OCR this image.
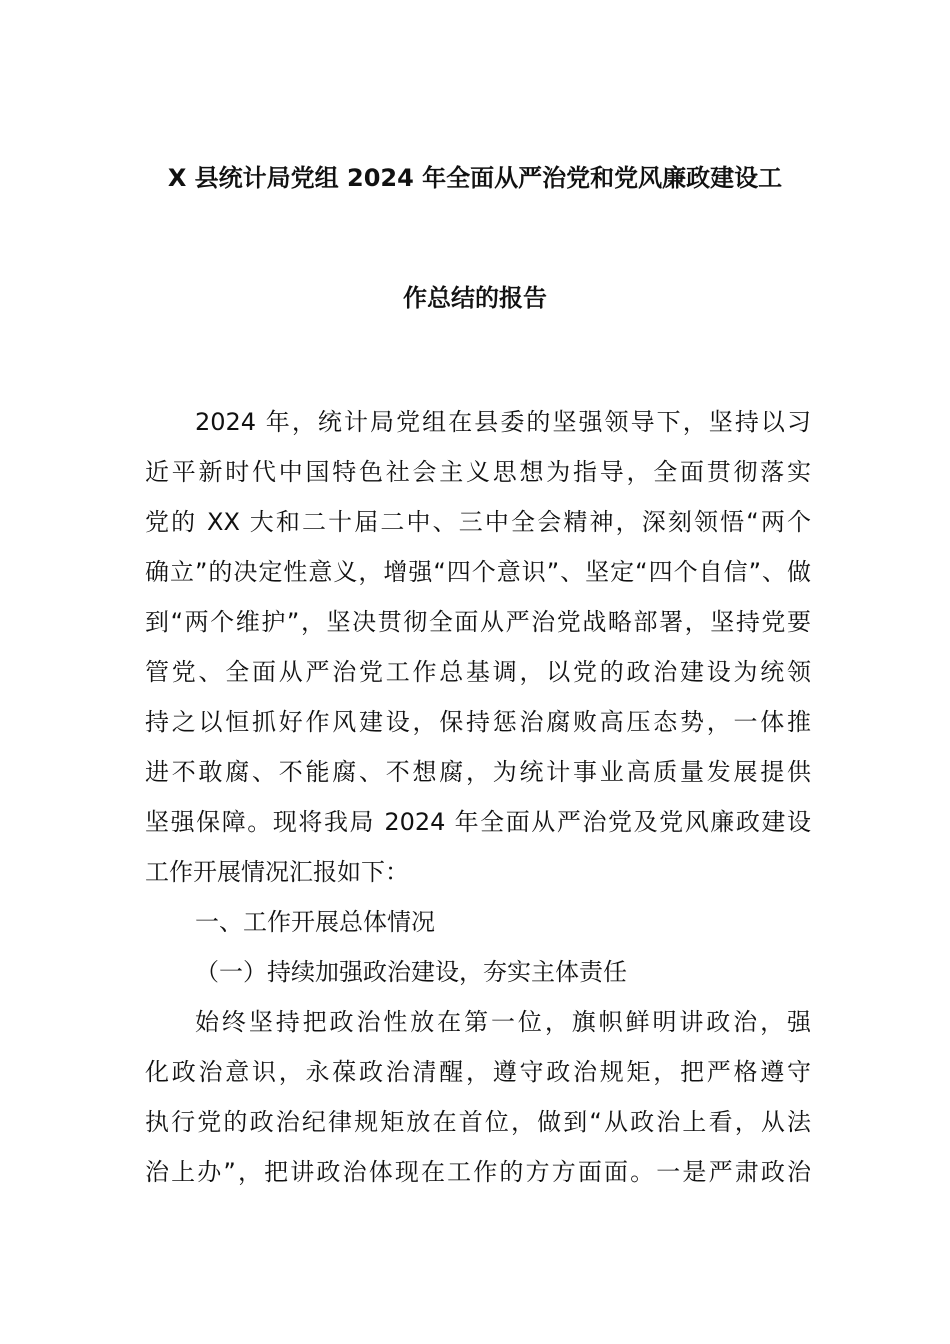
X 县统计局党组 2024 年全面从严治党和党风廉政建设工
作总结的报告
2024 年，统计局党组在县委的坚强领导下，坚持以习
近平新时代中国特色社会主义思想为指导，全面贯彻落实
党的 XX 大和二十届二中、三中全会精神，深刻领悟“两个
确立”的决定性意义，增强“四个意识”、坚定“四个自信”、做
到“两个维护”，坚决贯彻全面从严治党战略部署，坚持党要
管党、全面从严治党工作总基调，以党的政治建设为统领
持之以恒抓好作风建设，保持惩治腐败高压态势，一体推
进不敢腐、不能腐、不想腐，为统计事业高质量发展提供
坚强保障。现将我局 2024 年全面从严治党及党风廉政建设
工作开展情况汇报如下：
一、工作开展总体情况
（一）持续加强政治建设，夯实主体责任
始终坚持把政治性放在第一位，旗帜鲜明讲政治，强
化政治意识，永葆政治清醒，遵守政治规矩，把严格遵守
执行党的政治纪律规矩放在首位，做到“从政治上看，从法
治上办”，把讲政治体现在工作的方方面面。一是严肃政治
